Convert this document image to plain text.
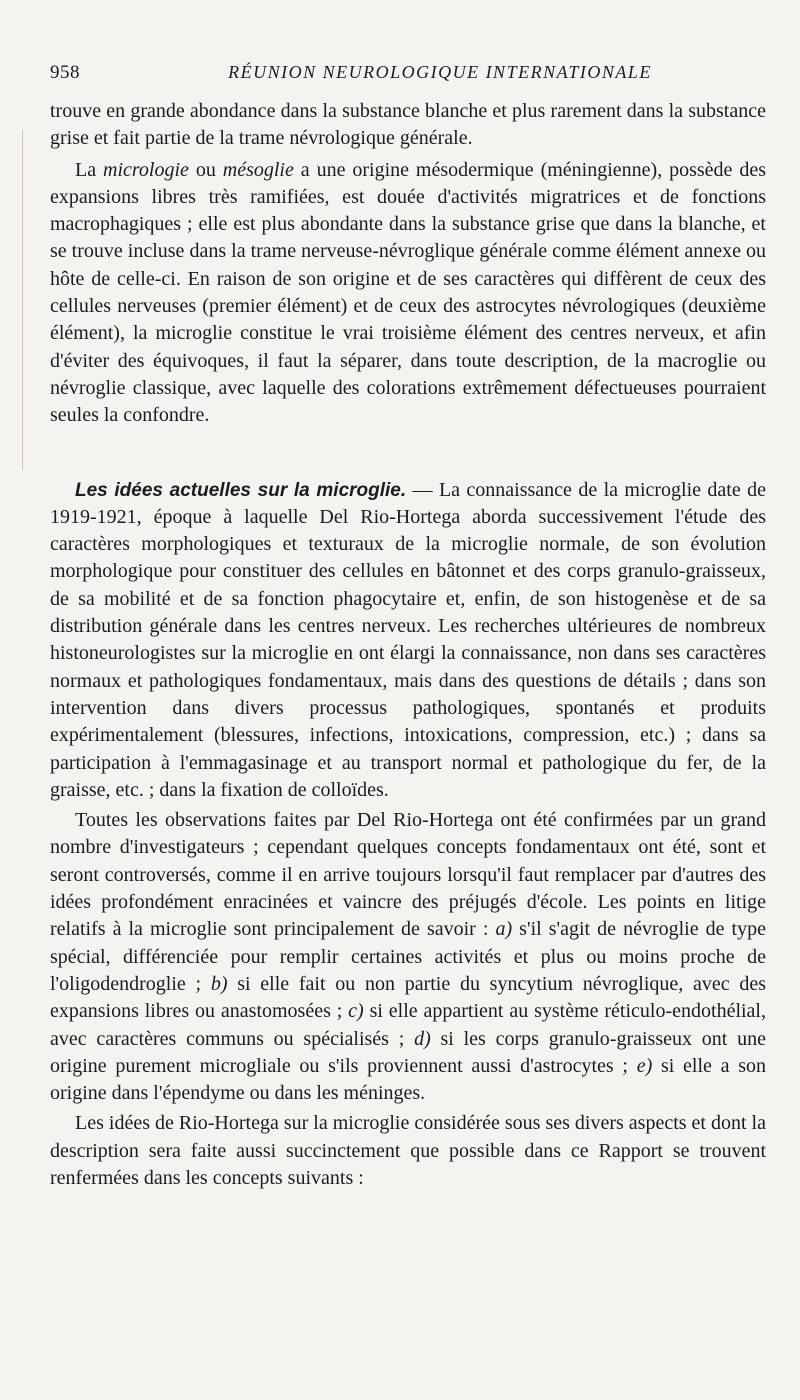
958	RÉUNION NEUROLOGIQUE INTERNATIONALE

trouve en grande abondance dans la substance blanche et plus rarement dans la substance grise et fait partie de la trame névrologique générale.

La micrologie ou mésoglie a une origine mésodermique (méningienne), possède des expansions libres très ramifiées, est douée d'activités migratrices et de fonctions macrophagiques ; elle est plus abondante dans la substance grise que dans la blanche, et se trouve incluse dans la trame nerveuse-névroglique générale comme élément annexe ou hôte de celle-ci. En raison de son origine et de ses caractères qui diffèrent de ceux des cellules nerveuses (premier élément) et de ceux des astrocytes névrologiques (deuxième élément), la microglie constitue le vrai troisième élément des centres nerveux, et afin d'éviter des équivoques, il faut la séparer, dans toute description, de la macroglie ou névroglie classique, avec laquelle des colorations extrêmement défectueuses pourraient seules la confondre.

Les idées actuelles sur la microglie. — La connaissance de la microglie date de 1919-1921, époque à laquelle Del Rio-Hortega aborda successivement l'étude des caractères morphologiques et texturaux de la microglie normale, de son évolution morphologique pour constituer des cellules en bâtonnet et des corps granulo-graisseux, de sa mobilité et de sa fonction phagocytaire et, enfin, de son histogenèse et de sa distribution générale dans les centres nerveux. Les recherches ultérieures de nombreux histoneurologistes sur la microglie en ont élargi la connaissance, non dans ses caractères normaux et pathologiques fondamentaux, mais dans des questions de détails ; dans son intervention dans divers processus pathologiques, spontanés et produits expérimentalement (blessures, infections, intoxications, compression, etc.) ; dans sa participation à l'emmagasinage et au transport normal et pathologique du fer, de la graisse, etc. ; dans la fixation de colloïdes.

Toutes les observations faites par Del Rio-Hortega ont été confirmées par un grand nombre d'investigateurs ; cependant quelques concepts fondamentaux ont été, sont et seront controversés, comme il en arrive toujours lorsqu'il faut remplacer par d'autres des idées profondément enracinées et vaincre des préjugés d'école. Les points en litige relatifs à la microglie sont principalement de savoir : a) s'il s'agit de névroglie de type spécial, différenciée pour remplir certaines activités et plus ou moins proche de l'oligodendroglie ; b) si elle fait ou non partie du syncytium névroglique, avec des expansions libres ou anastomosées ; c) si elle appartient au système réticulo-endothélial, avec caractères communs ou spécialisés ; d) si les corps granulo-graisseux ont une origine purement microgliale ou s'ils proviennent aussi d'astrocytes ; e) si elle a son origine dans l'épendyme ou dans les méninges.

Les idées de Rio-Hortega sur la microglie considérée sous ses divers aspects et dont la description sera faite aussi succinctement que possible dans ce Rapport se trouvent renfermées dans les concepts suivants :
